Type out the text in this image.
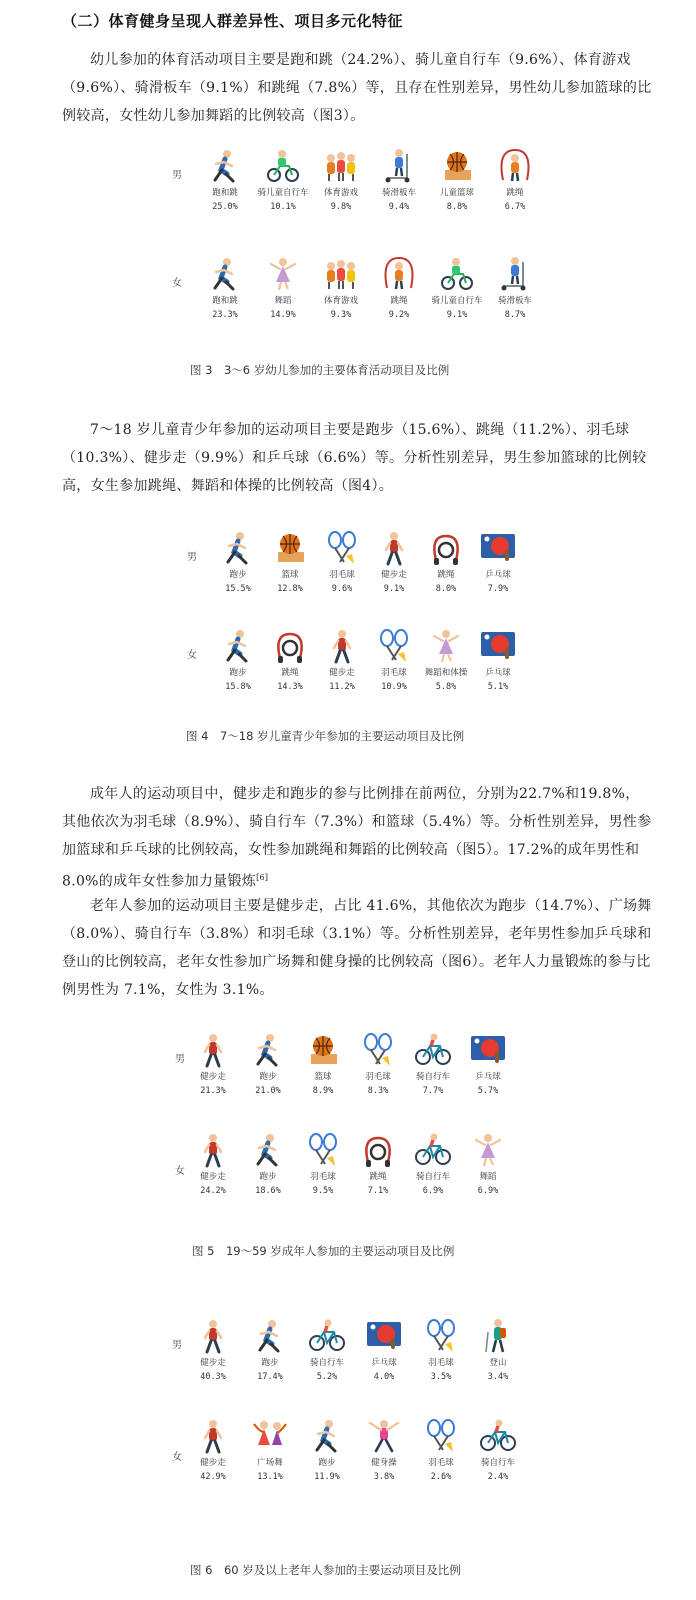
（二）体育健身呈现人群差异性、项目多元化特征

幼儿参加的体育活动项目主要是跑和跳（24.2%）、骑儿童自行车（9.6%）、体育游戏（9.6%）、骑滑板车（9.1%）和跳绳（7.8%）等，且存在性别差异，男性幼儿参加篮球的比例较高，女性幼儿参加舞蹈的比例较高（图3）。

男
跑和跳
25.0%
骑儿童自行车
10.1%
体育游戏
9.8%
骑滑板车
9.4%
儿童篮球
8.8%
跳绳
6.7%
女
跑和跳
23.3%
舞蹈
14.9%
体育游戏
9.3%
跳绳
9.2%
骑儿童自行车
9.1%
骑滑板车
8.7%
图 3　3～6 岁幼儿参加的主要体育活动项目及比例

7～18 岁儿童青少年参加的运动项目主要是跑步（15.6%）、跳绳（11.2%）、羽毛球（10.3%）、健步走（9.9%）和乒乓球（6.6%）等。分析性别差异，男生参加篮球的比例较高，女生参加跳绳、舞蹈和体操的比例较高（图4）。

男
跑步
15.5%
篮球
12.8%
羽毛球
9.6%
健步走
9.1%
跳绳
8.0%
乒乓球
7.9%
女
跑步
15.8%
跳绳
14.3%
健步走
11.2%
羽毛球
10.9%
舞蹈和体操
5.8%
乒乓球
5.1%
图 4　7～18 岁儿童青少年参加的主要运动项目及比例

成年人的运动项目中，健步走和跑步的参与比例排在前两位，分别为22.7%和19.8%，其他依次为羽毛球（8.9%）、骑自行车（7.3%）和篮球（5.4%）等。分析性别差异，男性参加篮球和乒乓球的比例较高，女性参加跳绳和舞蹈的比例较高（图5）。17.2%的成年男性和 8.0%的成年女性参加力量锻炼[6]

老年人参加的运动项目主要是健步走，占比 41.6%，其他依次为跑步（14.7%）、广场舞（8.0%）、骑自行车（3.8%）和羽毛球（3.1%）等。分析性别差异，老年男性参加乒乓球和登山的比例较高，老年女性参加广场舞和健身操的比例较高（图6）。老年人力量锻炼的参与比例男性为 7.1%，女性为 3.1%。

男
健步走
21.3%
跑步
21.0%
篮球
8.9%
羽毛球
8.3%
骑自行车
7.7%
乒乓球
5.7%
女	健步走
24.2%
跑步
18.6%
羽毛球
9.5%
跳绳
7.1%
骑自行车
6.9%
舞蹈
6.9%
图 5　19～59 岁成年人参加的主要运动项目及比例
男
健步走
40.3%
跑步
17.4%
骑自行车
5.2%
乒乓球
4.0%
羽毛球
3.5%
登山
3.4%
女	健步走
42.9%
广场舞
13.1%
跑步
11.9%
健身操
3.8%
羽毛球
2.6%
骑自行车
2.4%
图 6　60 岁及以上老年人参加的主要运动项目及比例
